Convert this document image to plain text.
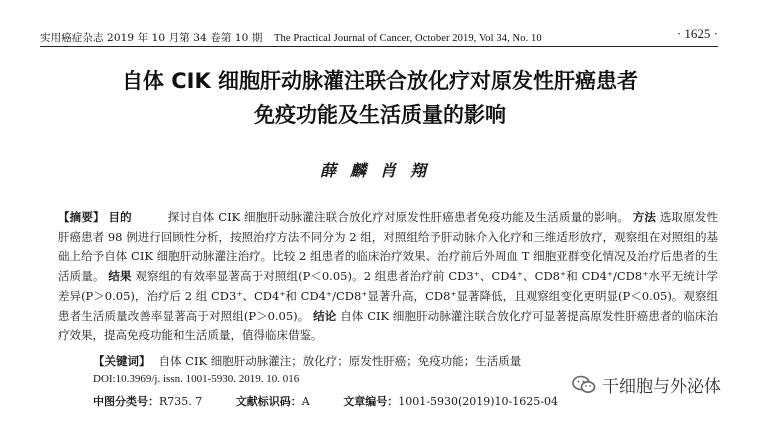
实用癌症杂志 2019 年 10 月第 34 卷第 10 期 The Practical Journal of Cancer, October 2019, Vol 34, No. 10	· 1625 ·
自体 CIK 细胞肝动脉灌注联合放化疗对原发性肝癌患者
免疫功能及生活质量的影响
薛麟肖翔
【摘要】 目的	探讨自体 CIK 细胞肝动脉灌注联合放化疗对原发性肝癌患者免疫功能及生活质量的影响。 方法 选取原发性肝癌患者 98 例进行回顾性分析，按照治疗方法不同分为 2 组，对照组给予肝动脉介入化疗和三维适形放疗，观察组在对照组的基础上给予自体 CIK 细胞肝动脉灌注治疗。比较 2 组患者的临床治疗效果、治疗前后外周血 T 细胞亚群变化情况及治疗后患者的生活质量。 结果 观察组的有效率显著高于对照组(P＜0.05)。2 组患者治疗前 CD3⁺、CD4⁺、CD8⁺和 CD4⁺/CD8⁺水平无统计学差异(P＞0.05)，治疗后 2 组 CD3⁺、CD4⁺和 CD4⁺/CD8⁺显著升高，CD8⁺显著降低，且观察组变化更明显(P＜0.05)。观察组患者生活质量改善率显著高于对照组(P＞0.05)。 结论 自体 CIK 细胞肝动脉灌注联合放化疗可显著提高原发性肝癌患者的临床治疗效果，提高免疫功能和生活质量，值得临床借鉴。
【关键词】 自体 CIK 细胞肝动脉灌注；放化疗；原发性肝癌；免疫功能；生活质量
DOI:10.3969/j. issn. 1001-5930. 2019. 10. 016
中图分类号：R735. 7	文献标识码：A	文章编号：1001-5930(2019)10-1625-04
干细胞与外泌体
